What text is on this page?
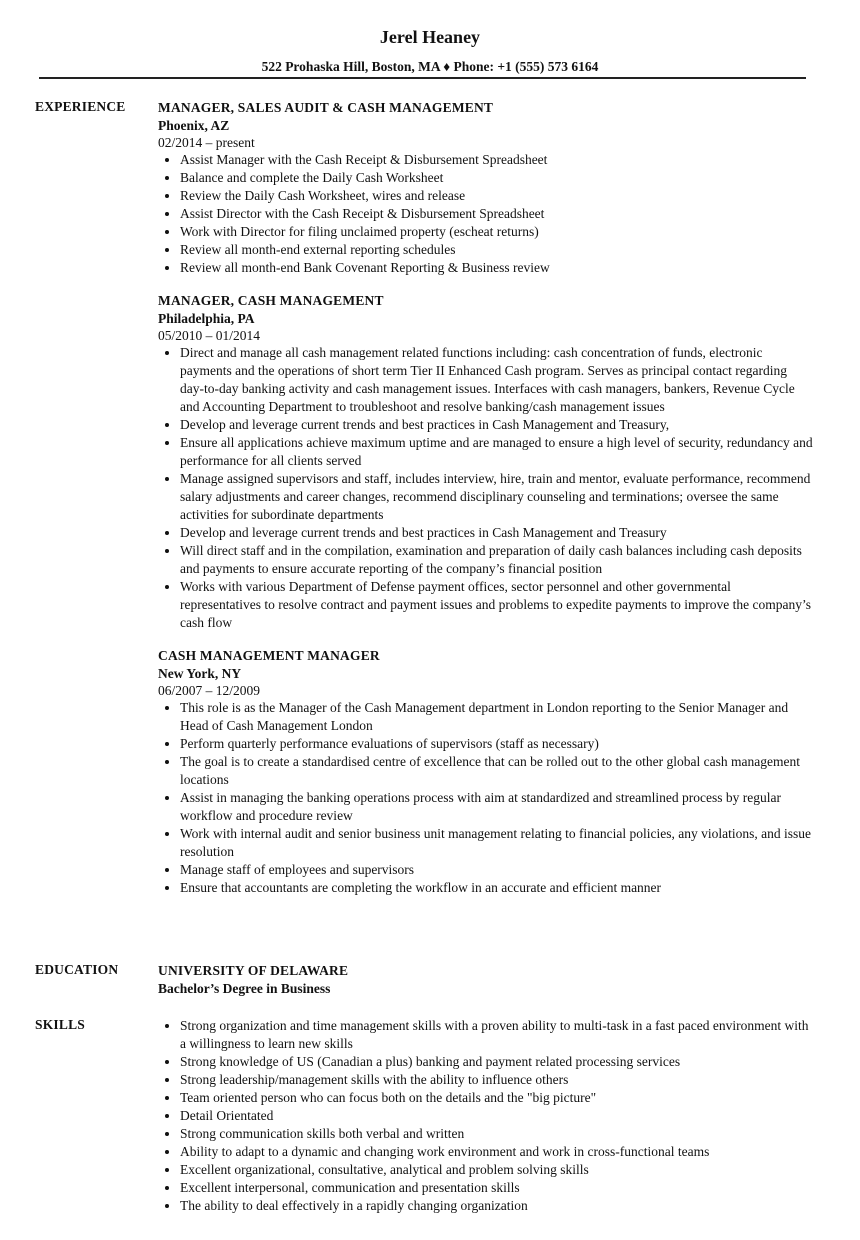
Jerel Heaney
522 Prohaska Hill, Boston, MA ♦ Phone: +1 (555) 573 6164
EXPERIENCE MANAGER, SALES AUDIT & CASH MANAGEMENT
Phoenix, AZ
02/2014 – present
• Assist Manager with the Cash Receipt & Disbursement Spreadsheet
• Balance and complete the Daily Cash Worksheet
• Review the Daily Cash Worksheet, wires and release
• Assist Director with the Cash Receipt & Disbursement Spreadsheet
• Work with Director for filing unclaimed property (escheat returns)
• Review all month-end external reporting schedules
• Review all month-end Bank Covenant Reporting & Business review
MANAGER, CASH MANAGEMENT
Philadelphia, PA
05/2010 – 01/2014
• Direct and manage all cash management related functions including: cash concentration of funds, electronic payments and the operations of short term Tier II Enhanced Cash program. Serves as principal contact regarding day-to-day banking activity and cash management issues. Interfaces with cash managers, bankers, Revenue Cycle and Accounting Department to troubleshoot and resolve banking/cash management issues
• Develop and leverage current trends and best practices in Cash Management and Treasury,
• Ensure all applications achieve maximum uptime and are managed to ensure a high level of security, redundancy and performance for all clients served
• Manage assigned supervisors and staff, includes interview, hire, train and mentor, evaluate performance, recommend salary adjustments and career changes, recommend disciplinary counseling and terminations; oversee the same activities for subordinate departments
• Develop and leverage current trends and best practices in Cash Management and Treasury
• Will direct staff and in the compilation, examination and preparation of daily cash balances including cash deposits and payments to ensure accurate reporting of the company’s financial position
• Works with various Department of Defense payment offices, sector personnel and other governmental representatives to resolve contract and payment issues and problems to expedite payments to improve the company’s cash flow
CASH MANAGEMENT MANAGER
New York, NY
06/2007 – 12/2009
• This role is as the Manager of the Cash Management department in London reporting to the Senior Manager and Head of Cash Management London
• Perform quarterly performance evaluations of supervisors (staff as necessary)
• The goal is to create a standardised centre of excellence that can be rolled out to the other global cash management locations
• Assist in managing the banking operations process with aim at standardized and streamlined process by regular workflow and procedure review
• Work with internal audit and senior business unit management relating to financial policies, any violations, and issue resolution
• Manage staff of employees and supervisors
• Ensure that accountants are completing the workflow in an accurate and efficient manner
EDUCATION	UNIVERSITY OF DELAWARE
Bachelor’s Degree in Business
SKILLS
•	Strong organization and time management skills with a proven ability to multi-task in a fast paced environment with a willingness to learn new skills
• Strong knowledge of US (Canadian a plus) banking and payment related processing services
• Strong leadership/management skills with the ability to influence others
• Team oriented person who can focus both on the details and the "big picture"
• Detail Orientated
• Strong communication skills both verbal and written
• Ability to adapt to a dynamic and changing work environment and work in cross-functional teams
• Excellent organizational, consultative, analytical and problem solving skills
• Excellent interpersonal, communication and presentation skills
• The ability to deal effectively in a rapidly changing organization
